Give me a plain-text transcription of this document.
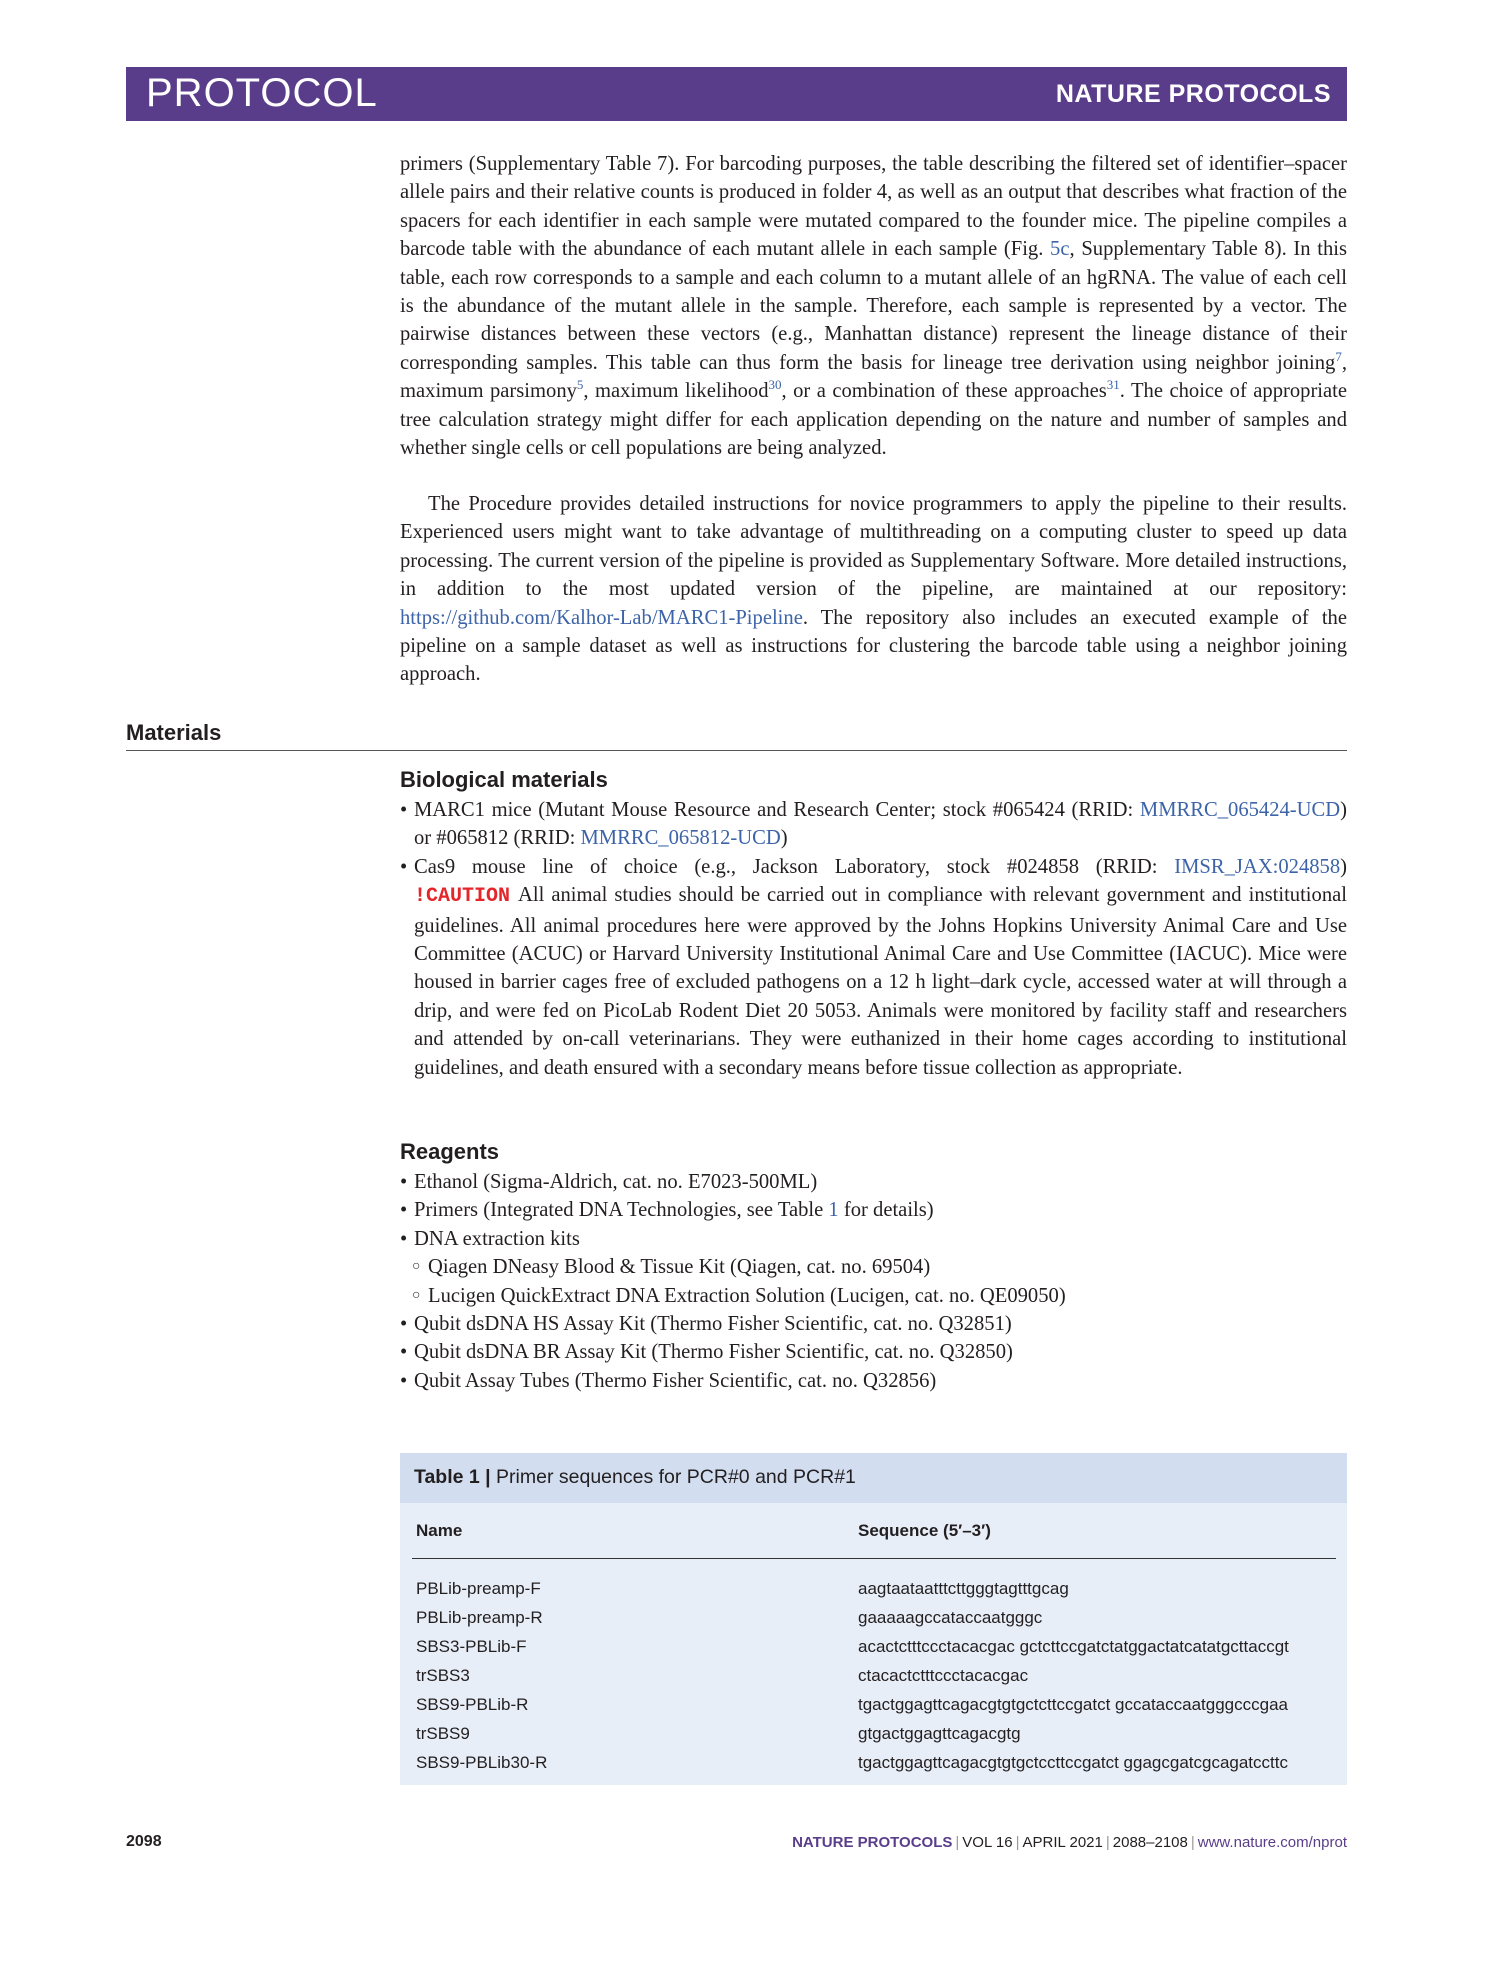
PROTOCOL	NATURE PROTOCOLS

primers (Supplementary Table 7). For barcoding purposes, the table describing the filtered set of identifier–spacer allele pairs and their relative counts is produced in folder 4, as well as an output that describes what fraction of the spacers for each identifier in each sample were mutated compared to the founder mice. The pipeline compiles a barcode table with the abundance of each mutant allele in each sample (Fig. 5c, Supplementary Table 8). In this table, each row corresponds to a sample and each column to a mutant allele of an hgRNA. The value of each cell is the abundance of the mutant allele in the sample. Therefore, each sample is represented by a vector. The pairwise distances between these vectors (e.g., Manhattan distance) represent the lineage distance of their corresponding samples. This table can thus form the basis for lineage tree derivation using neighbor joining$^7$, maximum parsimony$^5$, maximum likelihood$^{30}$, or a combination of these approaches$^{31}$. The choice of appropriate tree calculation strategy might differ for each application depending on the nature and number of samples and whether single cells or cell populations are being analyzed.

The Procedure provides detailed instructions for novice programmers to apply the pipeline to their results. Experienced users might want to take advantage of multithreading on a computing cluster to speed up data processing. The current version of the pipeline is provided as Supplementary Software. More detailed instructions, in addition to the most updated version of the pipeline, are maintained at our repository: https://github.com/Kalhor-Lab/MARC1-Pipeline. The repository also includes an executed example of the pipeline on a sample dataset as well as instructions for clustering the barcode table using a neighbor joining approach.

Materials
Biological materials
• MARC1 mice (Mutant Mouse Resource and Research Center; stock #065424 (RRID: MMRRC_065424-UCD) or #065812 (RRID: MMRRC_065812-UCD)
• Cas9 mouse line of choice (e.g., Jackson Laboratory, stock #024858 (RRID: IMSR_JAX:024858) !CAUTION All animal studies should be carried out in compliance with relevant government and institutional guidelines. All animal procedures here were approved by the Johns Hopkins University Animal Care and Use Committee (ACUC) or Harvard University Institutional Animal Care and Use Committee (IACUC). Mice were housed in barrier cages free of excluded pathogens on a 12 h light–dark cycle, accessed water at will through a drip, and were fed on PicoLab Rodent Diet 20 5053. Animals were monitored by facility staff and researchers and attended by on-call veterinarians. They were euthanized in their home cages according to institutional guidelines, and death ensured with a secondary means before tissue collection as appropriate.
Reagents
• Ethanol (Sigma-Aldrich, cat. no. E7023-500ML)
• Primers (Integrated DNA Technologies, see Table 1 for details)
• DNA extraction kits
○ Qiagen DNeasy Blood & Tissue Kit (Qiagen, cat. no. 69504)
○ Lucigen QuickExtract DNA Extraction Solution (Lucigen, cat. no. QE09050)
• Qubit dsDNA HS Assay Kit (Thermo Fisher Scientific, cat. no. Q32851)
• Qubit dsDNA BR Assay Kit (Thermo Fisher Scientific, cat. no. Q32850)
• Qubit Assay Tubes (Thermo Fisher Scientific, cat. no. Q32856)
Table 1 | Primer sequences for PCR#0 and PCR#1
Name	Sequence (5′–3′)
PBLib-preamp-F	aagtaataatttcttgggtagtttgcag
PBLib-preamp-R	gaaaaagccataccaatgggc
SBS3-PBLib-F	acactctttccctacacgac gctcttccgatctatggactatcatatgcttaccgt
trSBS3	ctacactctttccctacacgac
SBS9-PBLib-R	tgactggagttcagacgtgtgctcttccgatct gccataccaatgggcccgaa
trSBS9	gtgactggagttcagacgtg
SBS9-PBLib30-R	tgactggagttcagacgtgtgctccttccgatct ggagcgatcgcagatccttc
2098	NATURE PROTOCOLS | VOL 16 | APRIL 2021 | 2088–2108 | www.nature.com/nprot
